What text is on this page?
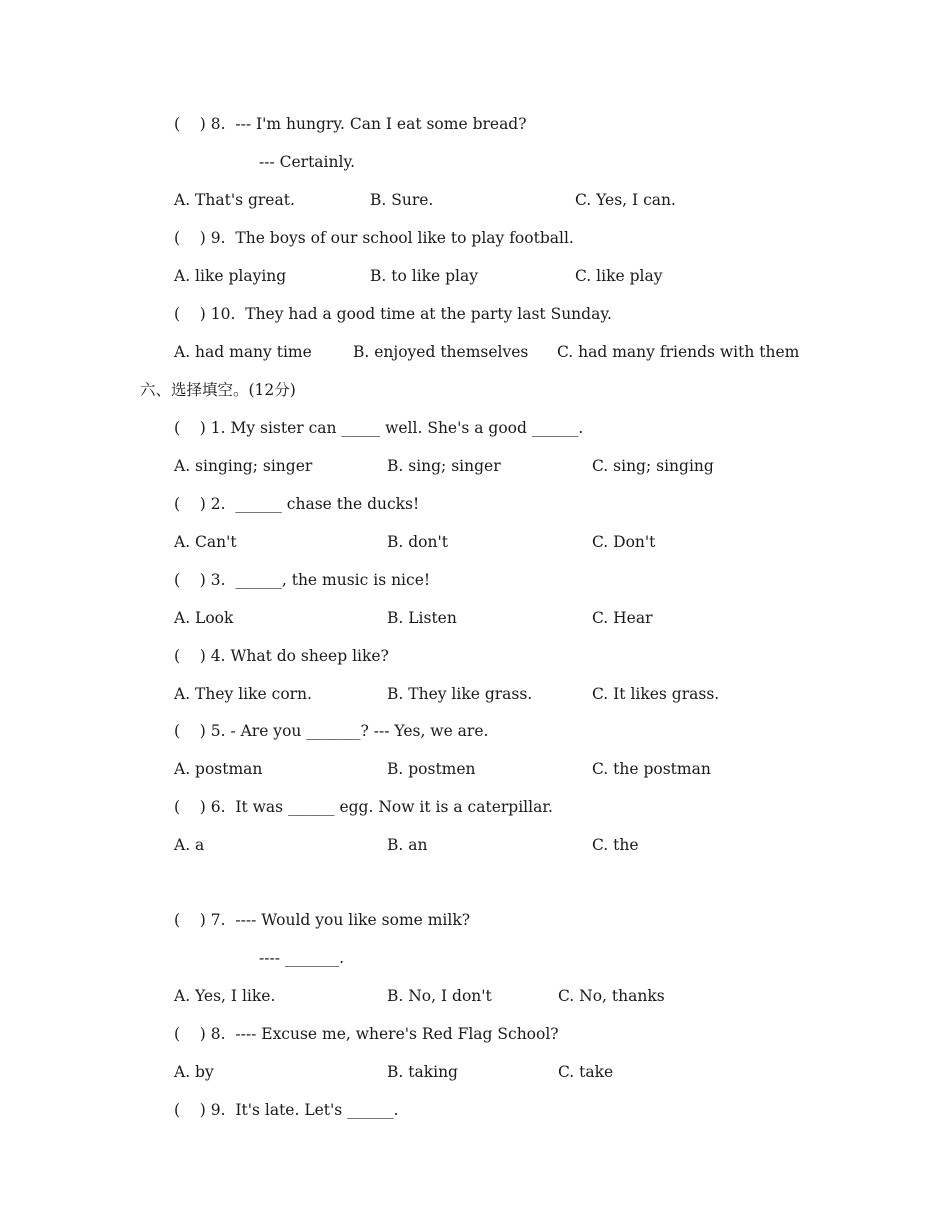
(    ) 8.  --- I'm hungry. Can I eat some bread?
--- Certainly.
A. That's great.	B. Sure.	C. Yes, I can.
(    ) 9.  The boys of our school like to play football.
A. like playing	B. to like play	C. like play
(    ) 10.  They had a good time at the party last Sunday.
A. had many time	B. enjoyed themselves C. had many friends with them
六、选择填空。(12分)
(    ) 1. My sister can _____ well. She's a good ______.
A. singing; singer	B. sing; singer	C. sing; singing
(    ) 2.  ______ chase the ducks!
A. Can't	B. don't	C. Don't
(    ) 3.  ______, the music is nice!
A. Look	B. Listen	C. Hear
(    ) 4. What do sheep like?
A. They like corn.	B. They like grass.	C. It likes grass.
(    ) 5. - Are you _______? --- Yes, we are.
A. postman	B. postmen	C. the postman
(    ) 6.  It was ______ egg. Now it is a caterpillar.
A. a	B. an	C. the
(    ) 7.  ---- Would you like some milk?
---- _______.
A. Yes, I like.	B. No, I don't	C. No, thanks
(    ) 8.  ---- Excuse me, where's Red Flag School?
A. by	B. taking	C. take
(    ) 9.  It's late. Let's ______.
